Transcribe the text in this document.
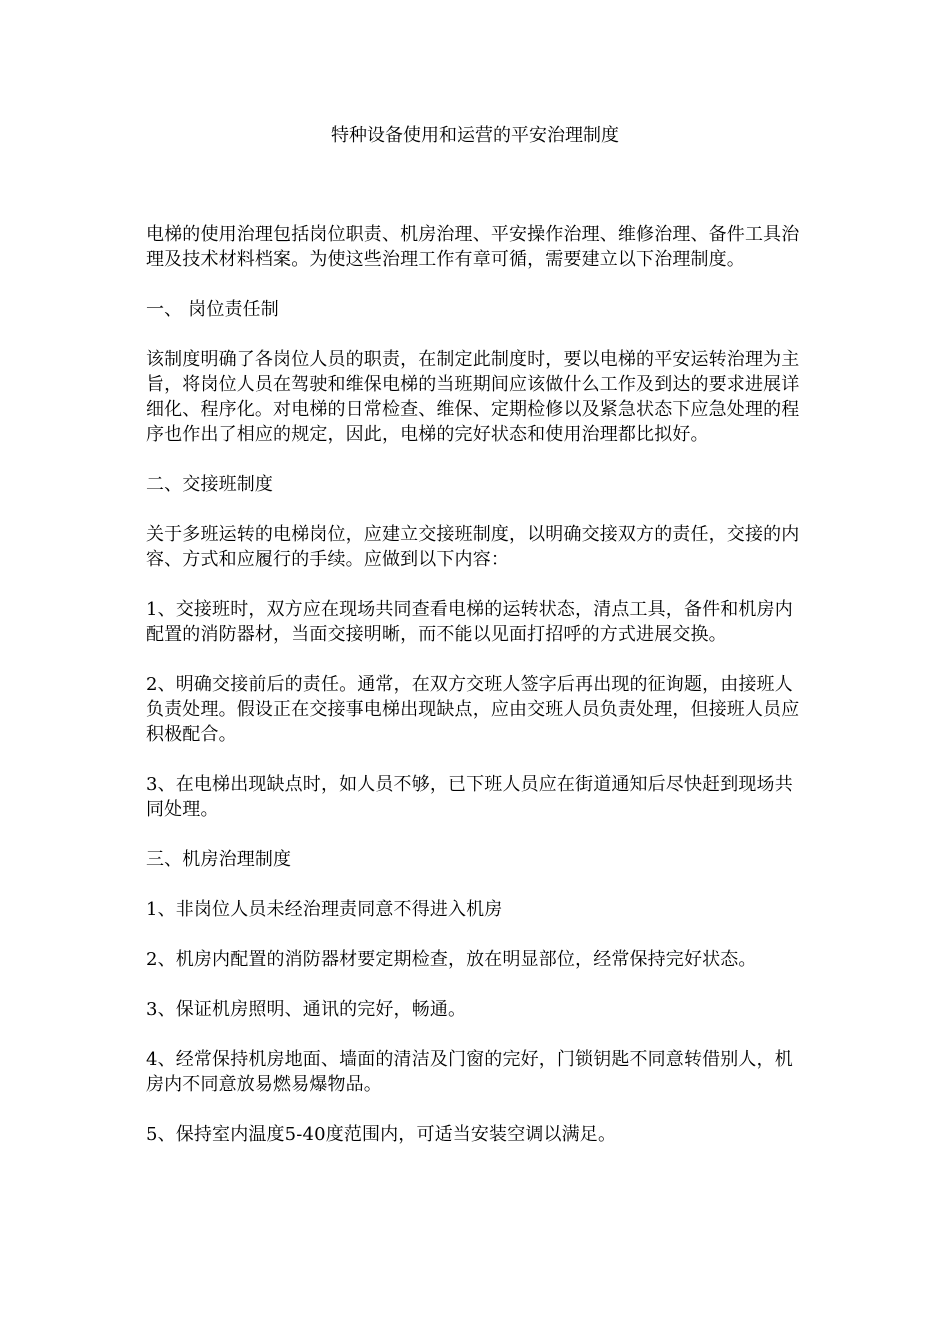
特种设备使用和运营的平安治理制度

电梯的使用治理包括岗位职责、机房治理、平安操作治理、维修治理、备件工具治理及技术材料档案。为使这些治理工作有章可循，需要建立以下治理制度。

一、 岗位责任制

该制度明确了各岗位人员的职责，在制定此制度时，要以电梯的平安运转治理为主旨，将岗位人员在驾驶和维保电梯的当班期间应该做什么工作及到达的要求进展详细化、程序化。对电梯的日常检查、维保、定期检修以及紧急状态下应急处理的程序也作出了相应的规定，因此，电梯的完好状态和使用治理都比拟好。

二、交接班制度

关于多班运转的电梯岗位，应建立交接班制度，以明确交接双方的责任，交接的内容、方式和应履行的手续。应做到以下内容：

1、交接班时，双方应在现场共同查看电梯的运转状态，清点工具，备件和机房内配置的消防器材，当面交接明晰，而不能以见面打招呼的方式进展交换。

2、明确交接前后的责任。通常，在双方交班人签字后再出现的征询题，由接班人负责处理。假设正在交接事电梯出现缺点，应由交班人员负责处理，但接班人员应积极配合。

3、在电梯出现缺点时，如人员不够，已下班人员应在街道通知后尽快赶到现场共同处理。

三、机房治理制度

1、非岗位人员未经治理责同意不得进入机房

2、机房内配置的消防器材要定期检查，放在明显部位，经常保持完好状态。

3、保证机房照明、通讯的完好，畅通。

4、经常保持机房地面、墙面的清洁及门窗的完好，门锁钥匙不同意转借别人，机房内不同意放易燃易爆物品。

5、保持室内温度5-40度范围内，可适当安装空调以满足。
